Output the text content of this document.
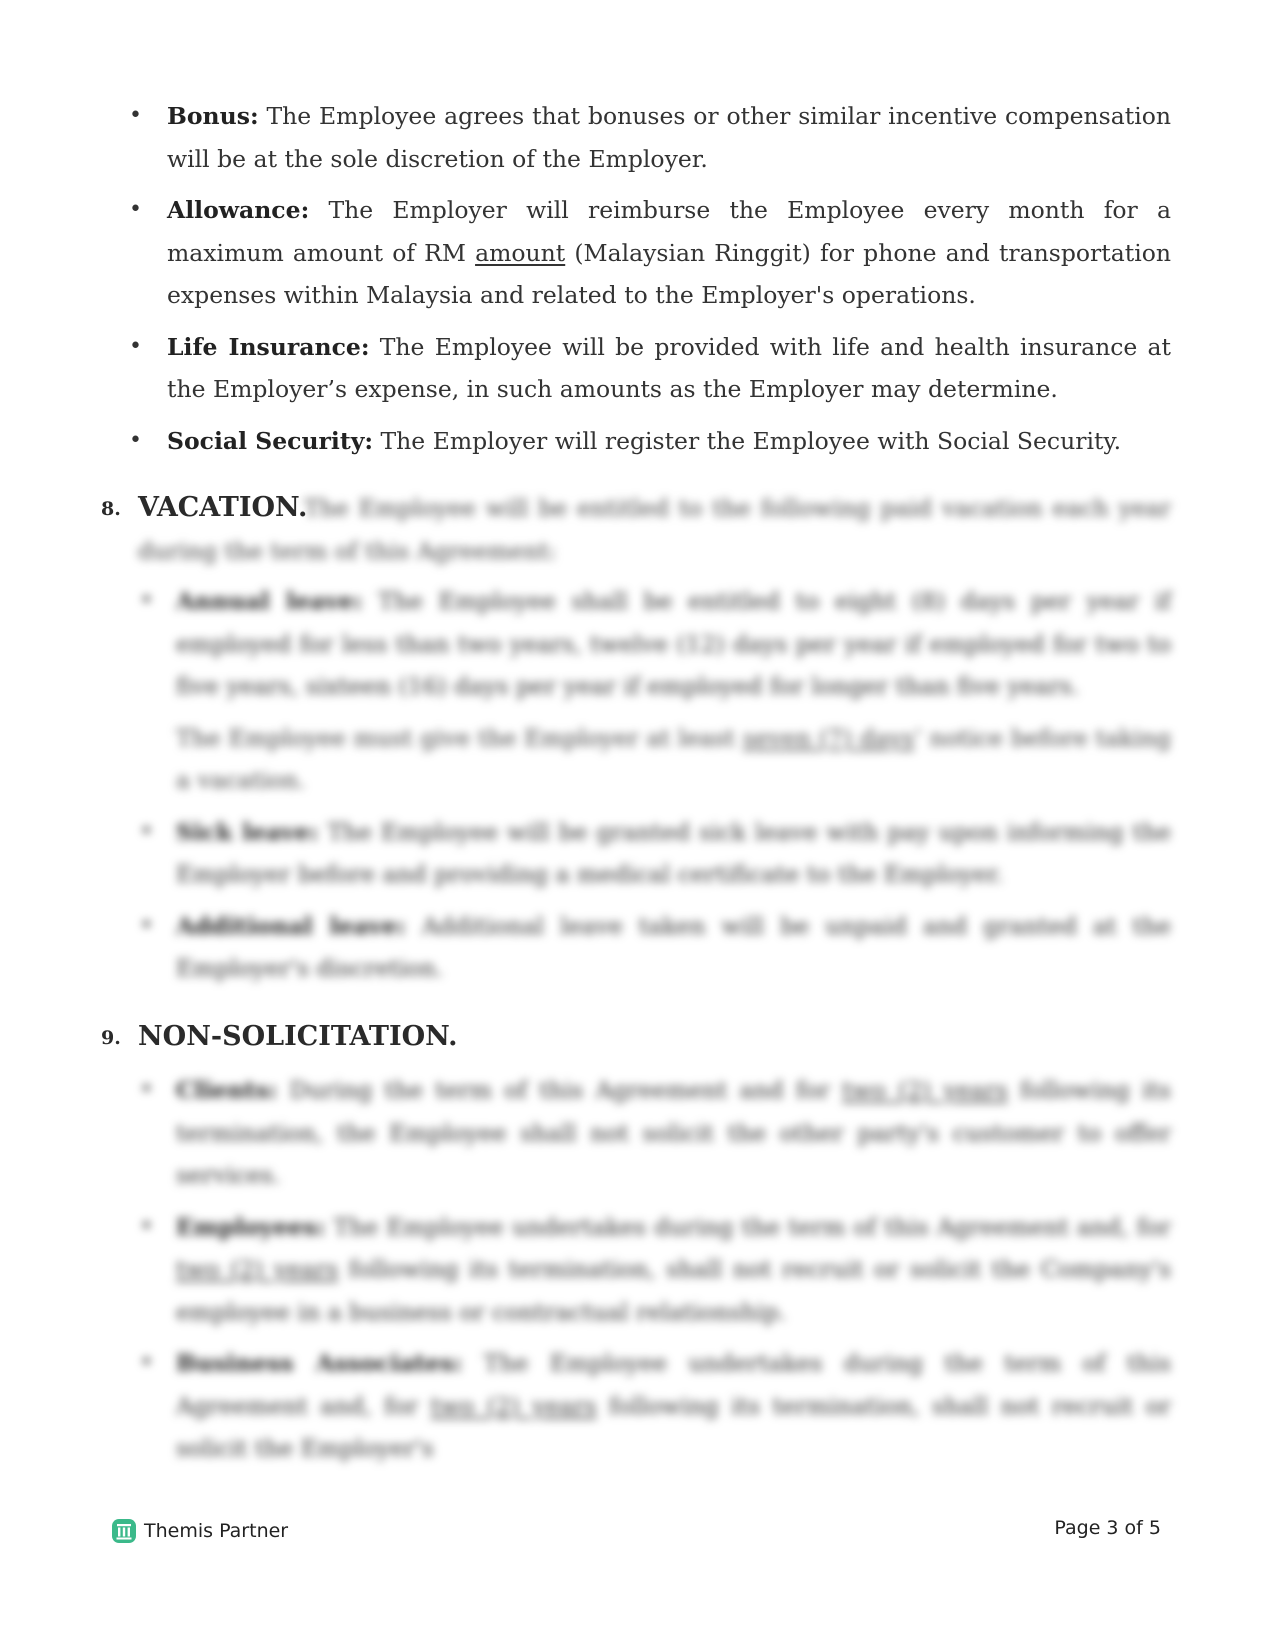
• Bonus: The Employee agrees that bonuses or other similar incentive compensation will be at the sole discretion of the Employer.
• Allowance: The Employer will reimburse the Employee every month for a maximum amount of RM amount (Malaysian Ringgit) for phone and transportation expenses within Malaysia and related to the Employer's operations.
• Life Insurance: The Employee will be provided with life and health insurance at the Employer’s expense, in such amounts as the Employer may determine.
• Social Security: The Employer will register the Employee with Social Security.
8. VACATION.
The Employee will be entitled to the following paid vacation each year during the term of this Agreement:
• Annual leave: The Employee shall be entitled to eight (8) days per year if employed for less than two years, twelve (12) days per year if employed for two to five years, sixteen (16) days per year if employed for longer than five years.

The Employee must give the Employer at least seven (7) days’ notice before taking a vacation.

• Sick leave: The Employee will be granted sick leave with pay upon informing the Employer before and providing a medical certificate to the Employer.
• Additional leave: Additional leave taken will be unpaid and granted at the Employer's discretion.
9. NON-SOLICITATION.
• Clients: During the term of this Agreement and for two (2) years following its termination, the Employee shall not solicit the other party's customer to offer services.
• Employees: The Employee undertakes during the term of this Agreement and, for two (2) years following its termination, shall not recruit or solicit the Company's employee in a business or contractual relationship.
• Business Associates: The Employee undertakes during the term of this Agreement and, for two (2) years following its termination, shall not recruit or solicit the Employer's
Themis Partner	Page 3 of 5
